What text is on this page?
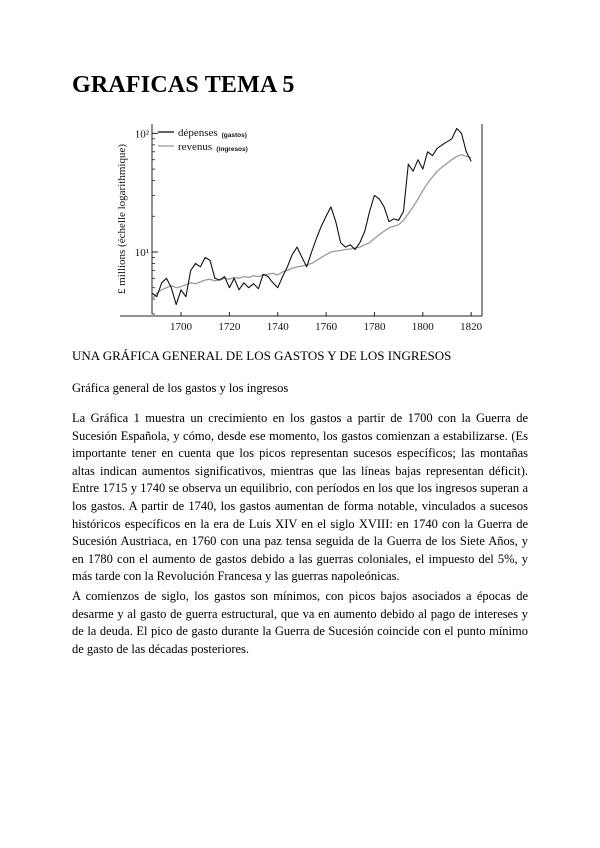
GRAFICAS TEMA 5
1700 1720 1740 1760 1780 1800 1820
10¹
10²	dépenses (gastos)
revenus (ingresos)
£ millions (échelle logarithmique)
UNA GRÁFICA GENERAL DE LOS GASTOS Y DE LOS INGRESOS
Gráfica general de los gastos y los ingresos

La Gráfica 1 muestra un crecimiento en los gastos a partir de 1700 con la Guerra de Sucesión Española, y cómo, desde ese momento, los gastos comienzan a estabilizarse. (Es importante tener en cuenta que los picos representan sucesos específicos; las montañas altas indican aumentos significativos, mientras que las líneas bajas representan déficit). Entre 1715 y 1740 se observa un equilibrio, con períodos en los que los ingresos superan a los gastos. A partir de 1740, los gastos aumentan de forma notable, vinculados a sucesos históricos específicos en la era de Luis XIV en el siglo XVIII: en 1740 con la Guerra de Sucesión Austriaca, en 1760 con una paz tensa seguida de la Guerra de los Siete Años, y en 1780 con el aumento de gastos debido a las guerras coloniales, el impuesto del 5%, y más tarde con la Revolución Francesa y las guerras napoleónicas.

A comienzos de siglo, los gastos son mínimos, con picos bajos asociados a épocas de desarme y al gasto de guerra estructural, que va en aumento debido al pago de intereses y de la deuda. El pico de gasto durante la Guerra de Sucesión coincide con el punto mínimo de gasto de las décadas posteriores.
